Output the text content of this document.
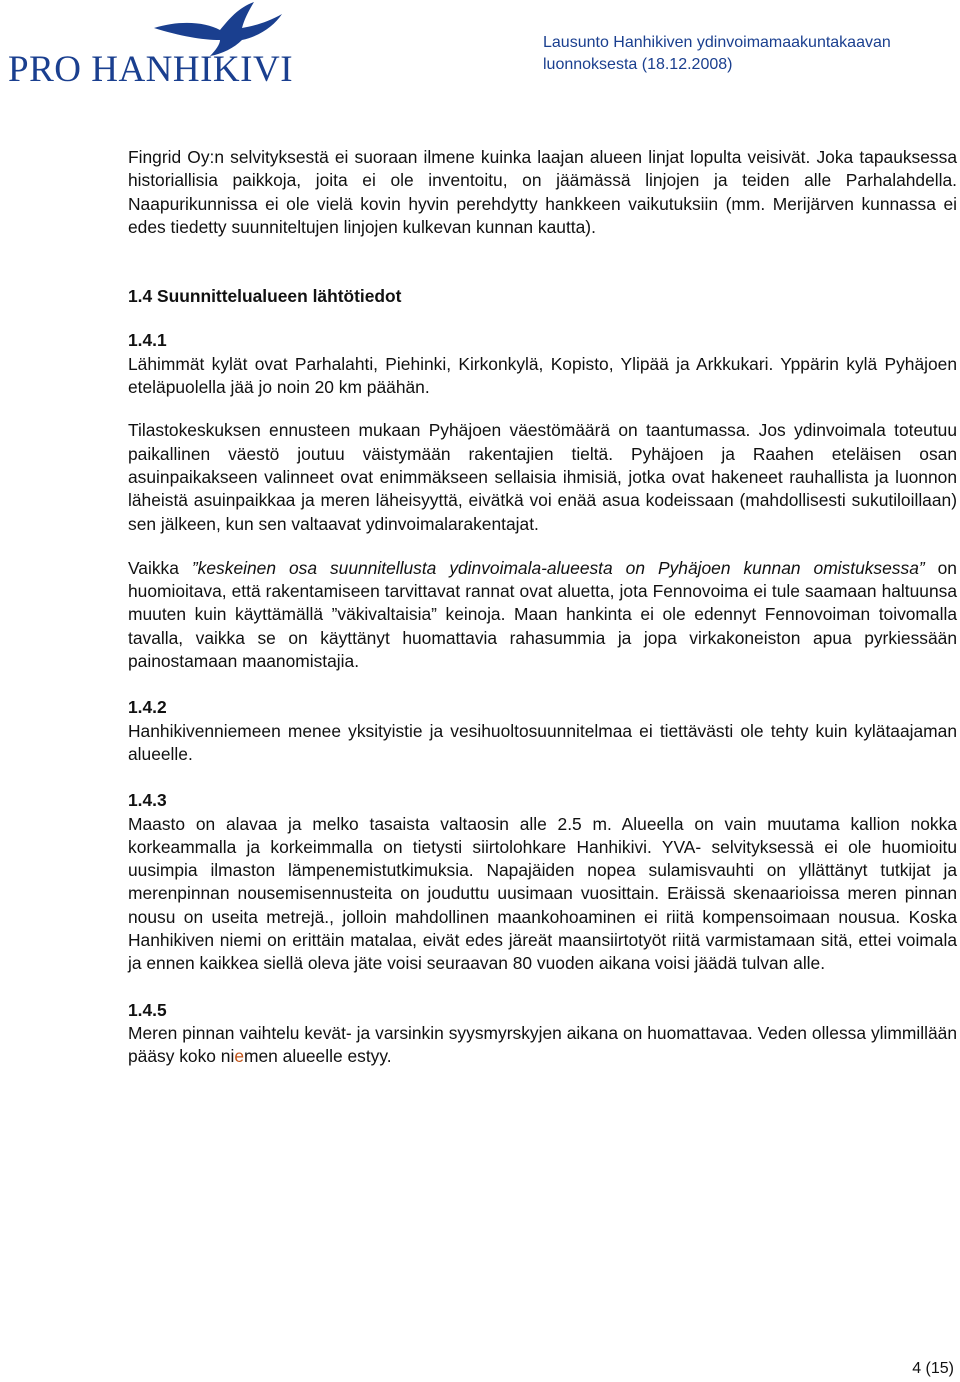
PRO HANHIKIVI
Lausunto Hanhikiven ydinvoimamaakuntakaavan
luonnoksesta (18.12.2008)

Fingrid Oy:n selvityksestä ei suoraan ilmene kuinka laajan alueen linjat lopulta veisivät. Joka tapauksessa historiallisia paikkoja, joita ei ole inventoitu, on jäämässä linjojen ja teiden alle Parhalahdella. Naapurikunnissa ei ole vielä kovin hyvin perehdytty hankkeen vaikutuksiin (mm. Merijärven kunnassa ei edes tiedetty suunniteltujen linjojen kulkevan kunnan kautta).

1.4 Suunnittelualueen lähtötiedot
1.4.1

Lähimmät kylät ovat Parhalahti, Piehinki, Kirkonkylä, Kopisto, Ylipää ja Arkkukari. Yppärin kylä Pyhäjoen eteläpuolella jää jo noin 20 km päähän.

Tilastokeskuksen ennusteen mukaan Pyhäjoen väestömäärä on taantumassa. Jos ydinvoimala toteutuu paikallinen väestö joutuu väistymään rakentajien tieltä. Pyhäjoen ja Raahen eteläisen osan asuinpaikakseen valinneet ovat enimmäkseen sellaisia ihmisiä, jotka ovat hakeneet rauhallista ja luonnon läheistä asuinpaikkaa ja meren läheisyyttä, eivätkä voi enää asua kodeissaan (mahdollisesti sukutiloillaan) sen jälkeen, kun sen valtaavat ydinvoimalarakentajat.

Vaikka ”keskeinen osa suunnitellusta ydinvoimala-alueesta on Pyhäjoen kunnan omistuksessa” on huomioitava, että rakentamiseen tarvittavat rannat ovat aluetta, jota Fennovoima ei tule saamaan haltuunsa muuten kuin käyttämällä ”väkivaltaisia” keinoja. Maan hankinta ei ole edennyt Fennovoiman toivomalla tavalla, vaikka se on käyttänyt huomattavia rahasummia ja jopa virkakoneiston apua pyrkiessään painostamaan maanomistajia.

1.4.2

Hanhikivenniemeen menee yksityistie ja vesihuoltosuunnitelmaa ei tiettävästi ole tehty kuin kylätaajaman alueelle.

1.4.3

Maasto on alavaa ja melko tasaista valtaosin alle 2.5 m. Alueella on vain muutama kallion nokka korkeammalla ja korkeimmalla on tietysti siirtolohkare Hanhikivi. YVA- selvityksessä ei ole huomioitu uusimpia ilmaston lämpenemistutkimuksia. Napajäiden nopea sulamisvauhti on yllättänyt tutkijat ja merenpinnan nousemisennusteita on jouduttu uusimaan vuosittain. Eräissä skenaarioissa meren pinnan nousu on useita metrejä., jolloin mahdollinen maankohoaminen ei riitä kompensoimaan nousua. Koska Hanhikiven niemi on erittäin matalaa, eivät edes järeät maansiirtotyöt riitä varmistamaan sitä, ettei voimala ja ennen kaikkea siellä oleva jäte voisi seuraavan 80 vuoden aikana voisi jäädä tulvan alle.

1.4.5

Meren pinnan vaihtelu kevät- ja varsinkin syysmyrskyjen aikana on huomattavaa. Veden ollessa ylimmillään pääsy koko niemen alueelle estyy.

4 (15)
